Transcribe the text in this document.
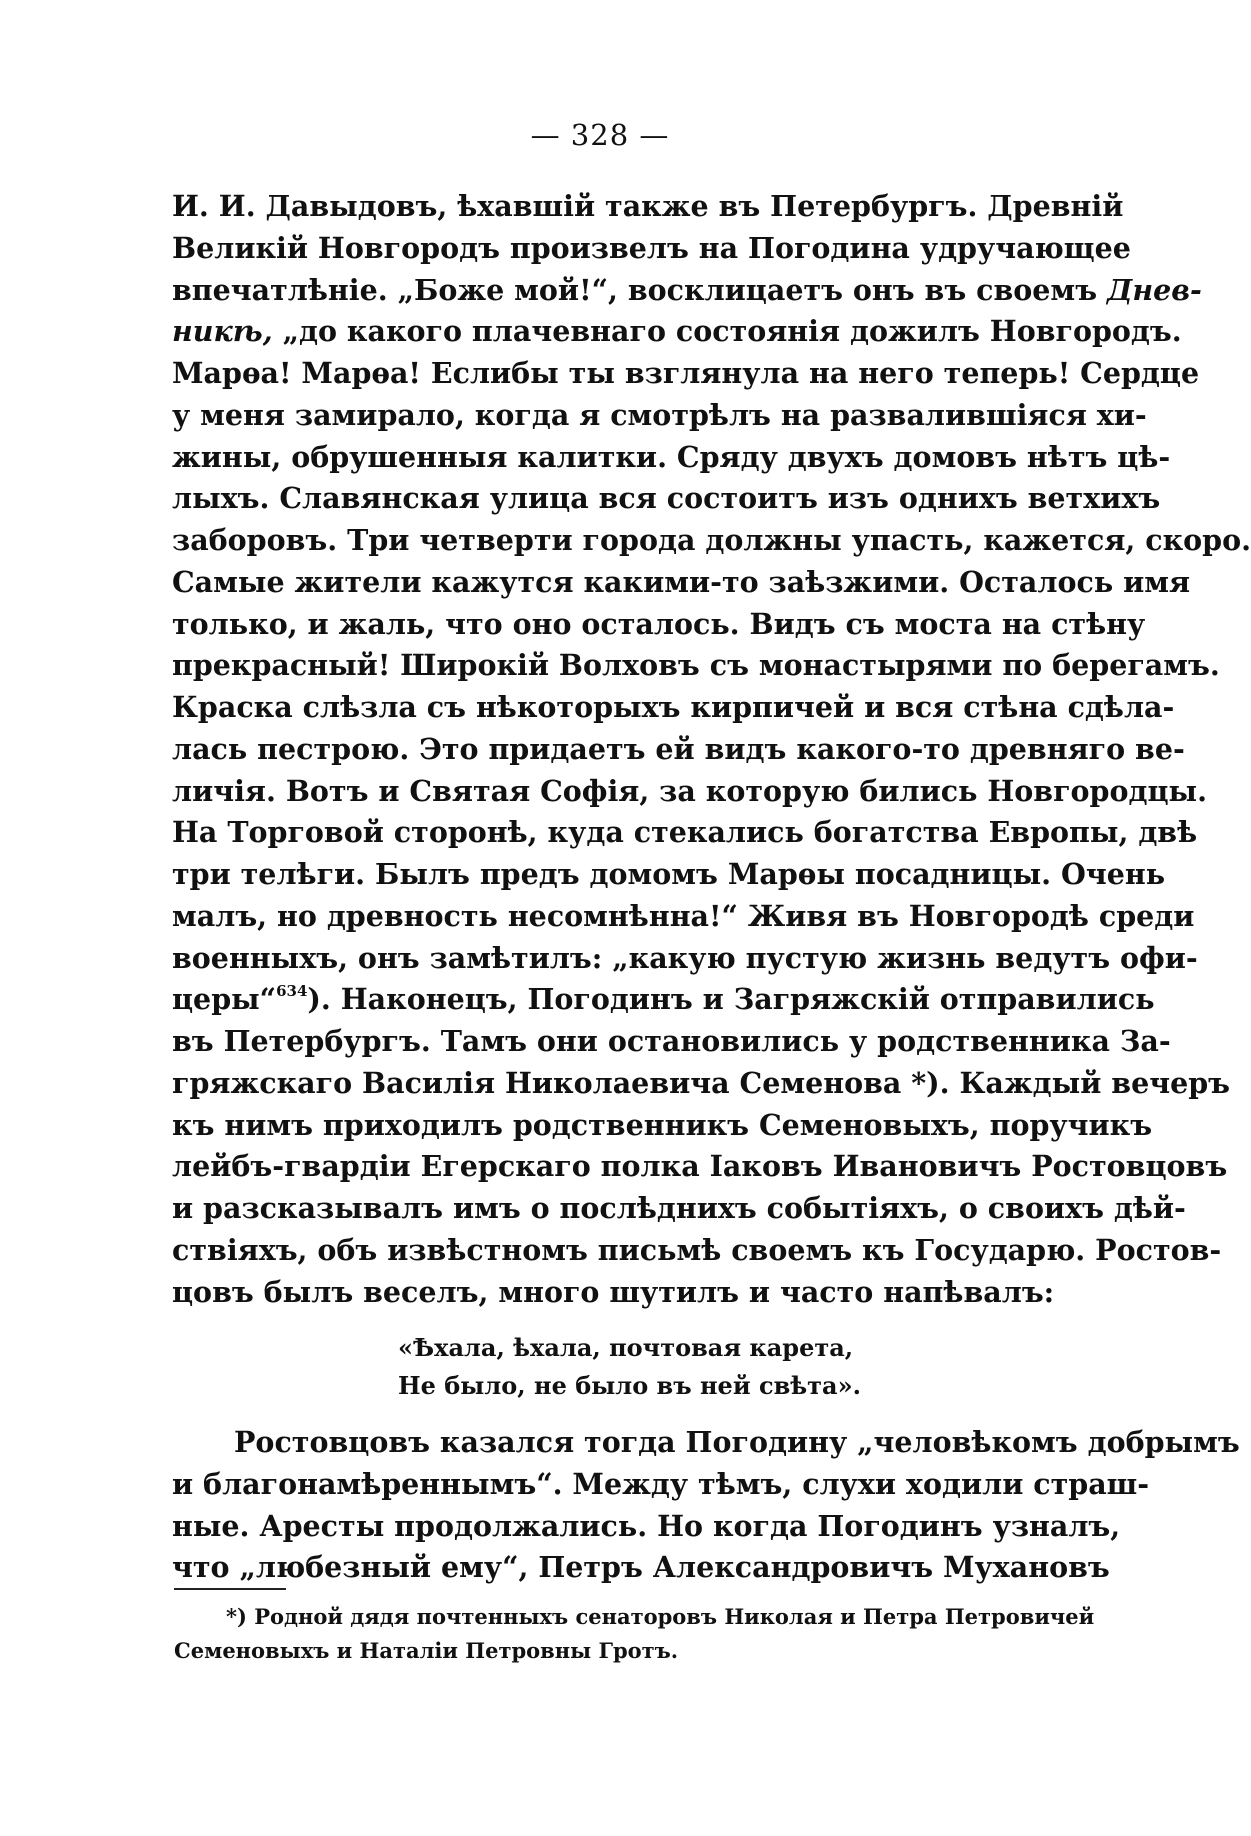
— 328 —
И. И. Давыдовъ, ѣхавшій также въ Петербургъ. Древній
Великій Новгородъ произвелъ на Погодина удручающее
впечатлѣніе. „Боже мой!“, восклицаетъ онъ въ своемъ Днев-
никѣ, „до какого плачевнаго состоянія дожилъ Новгородъ.
Марѳа! Марѳа! Еслибы ты взглянула на него теперь! Сердце
у меня замирало, когда я смотрѣлъ на развалившіяся хи-
жины, обрушенныя калитки. Сряду двухъ домовъ нѣтъ цѣ-
лыхъ. Славянская улица вся состоитъ изъ однихъ ветхихъ
заборовъ. Три четверти города должны упасть, кажется, скоро.
Самые жители кажутся какими-то заѣзжими. Осталось имя
только, и жаль, что оно осталось. Видъ съ моста на стѣну
прекрасный! Широкій Волховъ съ монастырями по берегамъ.
Краска слѣзла съ нѣкоторыхъ кирпичей и вся стѣна сдѣла-
лась пестрою. Это придаетъ ей видъ какого-то древняго ве-
личія. Вотъ и Святая Софія, за которую бились Новгородцы.
На Торговой сторонѣ, куда стекались богатства Европы, двѣ
три телѣги. Былъ предъ домомъ Марѳы посадницы. Очень
малъ, но древность несомнѣнна!“ Живя въ Новгородѣ среди
военныхъ, онъ замѣтилъ: „какую пустую жизнь ведутъ офи-
церы“$^{634}$). Наконецъ, Погодинъ и Загряжскій отправились
въ Петербургъ. Тамъ они остановились у родственника За-
гряжскаго Василія Николаевича Семенова *). Каждый вечеръ
къ нимъ приходилъ родственникъ Семеновыхъ, поручикъ
лейбъ-гвардіи Егерскаго полка Іаковъ Ивановичъ Ростовцовъ
и разсказывалъ имъ о послѣднихъ событіяхъ, о своихъ дѣй-
ствіяхъ, объ извѣстномъ письмѣ своемъ къ Государю. Ростов-
цовъ былъ веселъ, много шутилъ и часто напѣвалъ:
«Ѣхала, ѣхала, почтовая карета,
Не было, не было въ ней свѣта».
Ростовцовъ казался тогда Погодину „человѣкомъ добрымъ
и благонамѣреннымъ“. Между тѣмъ, слухи ходили страш-
ные. Аресты продолжались. Но когда Погодинъ узналъ,
что „любезный ему“, Петръ Александровичъ Мухановъ
*) Родной дядя почтенныхъ сенаторовъ Николая и Петра Петровичей
Семеновыхъ и Наталіи Петровны Гротъ.
